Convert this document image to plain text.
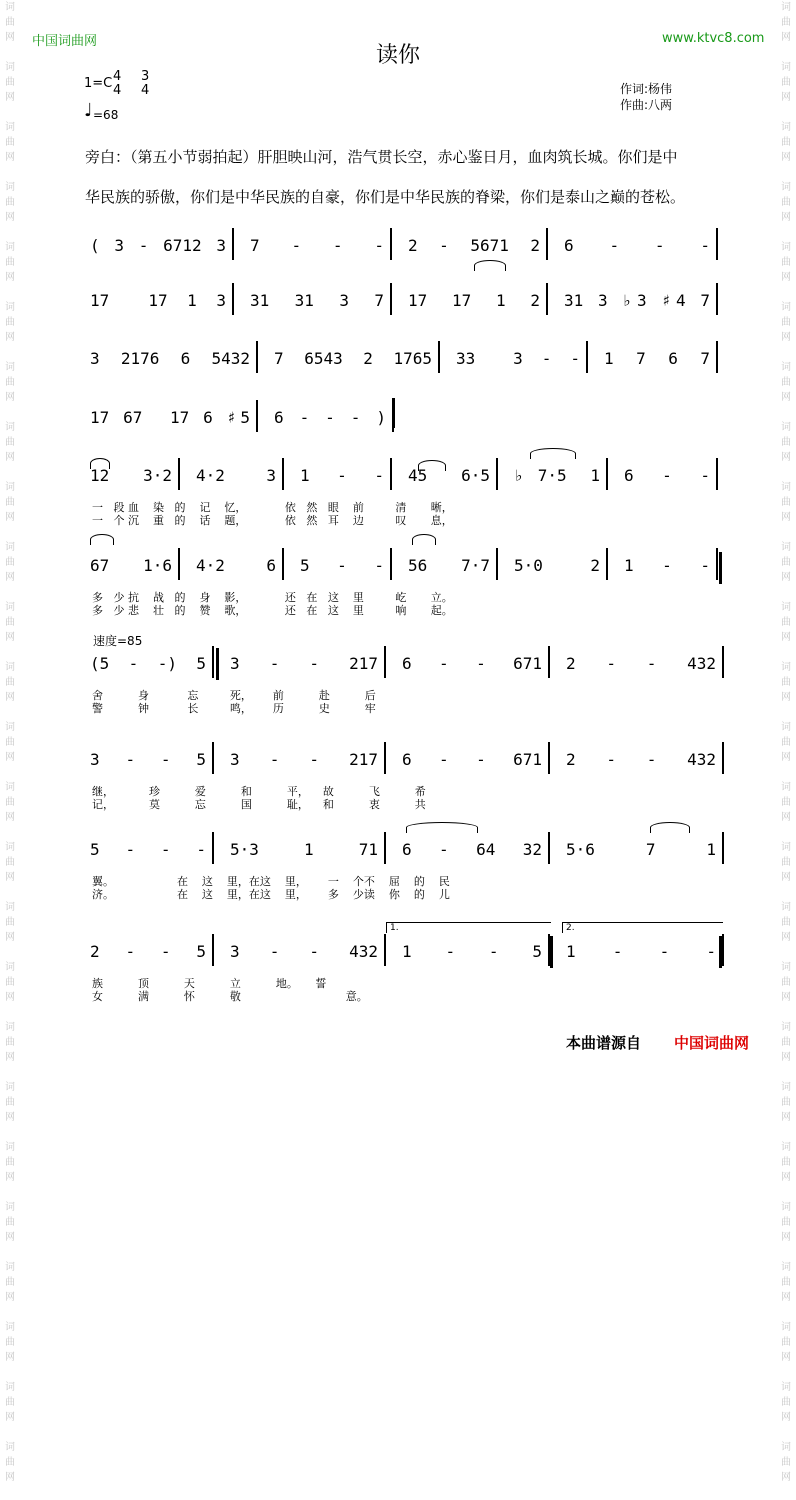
词
曲
网

词
曲
网

词
曲
网

词
曲
网

词
曲
网

词
曲
网

词
曲
网

词
曲
网

词
曲
网

词
曲
网

词
曲
网

词
曲
网

词
曲
网

词
曲
网

词
曲
网

词
曲
网

词
曲
网

词
曲
网

词
曲
网

词
曲
网

词
曲
网

词
曲
网

词
曲
网

词
曲
网

词
曲
网

词
曲
网

词
曲
网

词
曲
网

词
曲
网

词
曲
网

词
曲
网

词
曲
网

词
曲
网

词
曲
网

词
曲
网

词
曲
网

词
曲
网

词
曲
网

词
曲
网

词
曲
网

词
曲
网

词
曲
网

词
曲
网

词
曲
网

词
曲
网

词
曲
网

词
曲
网

词
曲
网

词
曲
网

词
曲
网

中国词曲网	www.ktvc8.com
读你
1=C 4
4
3
4
♩ =68
作词:杨伟
作曲:八两
旁白：（第五小节弱拍起）肝胆映山河，浩气贯长空，赤心鉴日月，血肉筑长城。你们是中
华民族的骄傲，你们是中华民族的自豪，你们是中华民族的脊梁，你们是泰山之巅的苍松。
速度=85
( 3 - 6712 3 7 - - - 2 - 5671 2 6 - - -
17  17 1 3 31 31 3 7 17 17 1 2 31 3 ♭3 ♯4 7
3 2176 6 5432 7 6543 2 1765 33  3 - - 1 7 6 7
17 67  17 6 ♯5 6 - - - )
12 3·2 4·2 3 1 - - 45 6·5 ♭7·5 1 6 - -
一   段 血    染   的    记    忆，           依   然   眼    前         清       晰，
一   个 沉    重   的    话    题，           依   然   耳    边         叹       息，
67 1·6 4·2 6 5 - - 56 7·7 5·0 2 1 - -
多   少 抗    战   的    身    影，           还   在   这    里         屹       立。
多   少 悲    壮   的    赞    歌，           还   在   这    里         响       起。
(5 - -) 5 3 - - 217 6 - - 671 2 - - 432
舍          身           忘         死，      前          赴          后
警          钟           长         鸣，      历          史          牢
3 - - 5 3 - - 217 6 - - 671 2 - - 432
继，          珍          爱          和          平，    故          飞          希
记，          莫          忘          国          耻，    和          衷          共
5 - - - 5·3 1 71 6 - 64 32 5·6 7 1
翼。                  在    这    里，在这    里，      一    个不    屈    的    民
济。                  在    这    里，在这    里，      多    少读    你    的    儿
2 - - 5 3 - - 432 1 - - 5 1 - - -
族          顶          天          立          地。     誓
女          满          怀          敬                              意。
1.	2.
本曲谱源自 中国词曲网
